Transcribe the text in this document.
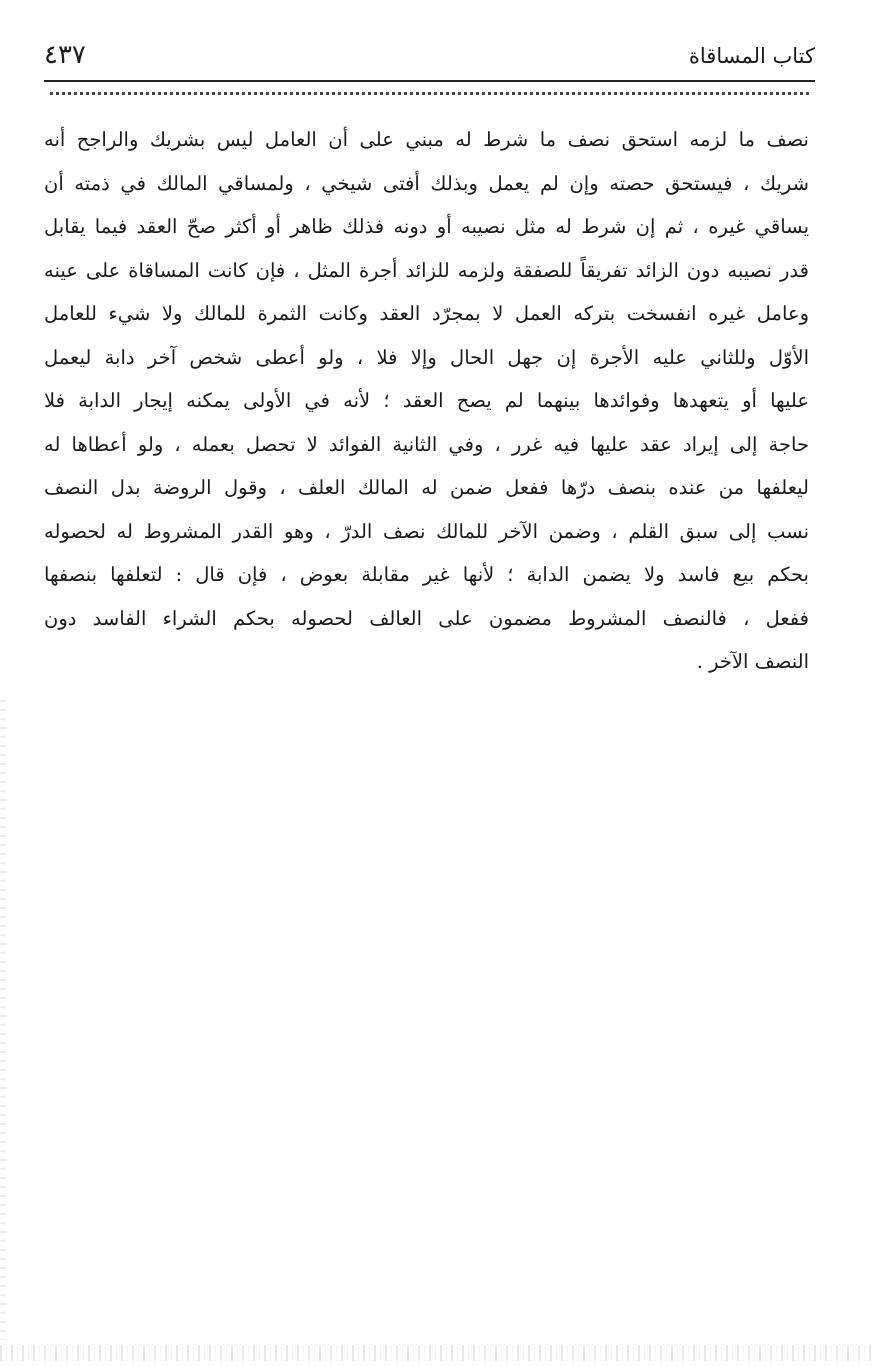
كتاب المساقاة
٤٣٧
نصف ما لزمه استحق نصف ما شرط له مبني على أن العامل ليس بشريك والراجح أنه
شريك ، فيستحق حصته وإن لم يعمل وبذلك أفتى شيخي ، ولمساقي المالك في ذمته أن
يساقي غيره ، ثم إن شرط له مثل نصيبه أو دونه فذلك ظاهر أو أكثر صحّ العقد فيما يقابل
قدر نصيبه دون الزائد تفريقاً للصفقة ولزمه للزائد أجرة المثل ، فإن كانت المساقاة على عينه
وعامل غيره انفسخت بتركه العمل لا بمجرّد العقد وكانت الثمرة للمالك ولا شيء للعامل
الأوّل وللثاني عليه الأجرة إن جهل الحال وإلا فلا ، ولو أعطى شخص آخر دابة ليعمل
عليها أو يتعهدها وفوائدها بينهما لم يصح العقد ؛ لأنه في الأولى يمكنه إيجار الدابة فلا
حاجة إلى إيراد عقد عليها فيه غرر ، وفي الثانية الفوائد لا تحصل بعمله ، ولو أعطاها له
ليعلفها من عنده بنصف درّها ففعل ضمن له المالك العلف ، وقول الروضة بدل النصف
نسب إلى سبق القلم ، وضمن الآخر للمالك نصف الدرّ ، وهو القدر المشروط له لحصوله
بحكم بيع فاسد ولا يضمن الدابة ؛ لأنها غير مقابلة بعوض ، فإن قال : لتعلفها بنصفها
ففعل ، فالنصف المشروط مضمون على العالف لحصوله بحكم الشراء الفاسد دون
النصف الآخر .
